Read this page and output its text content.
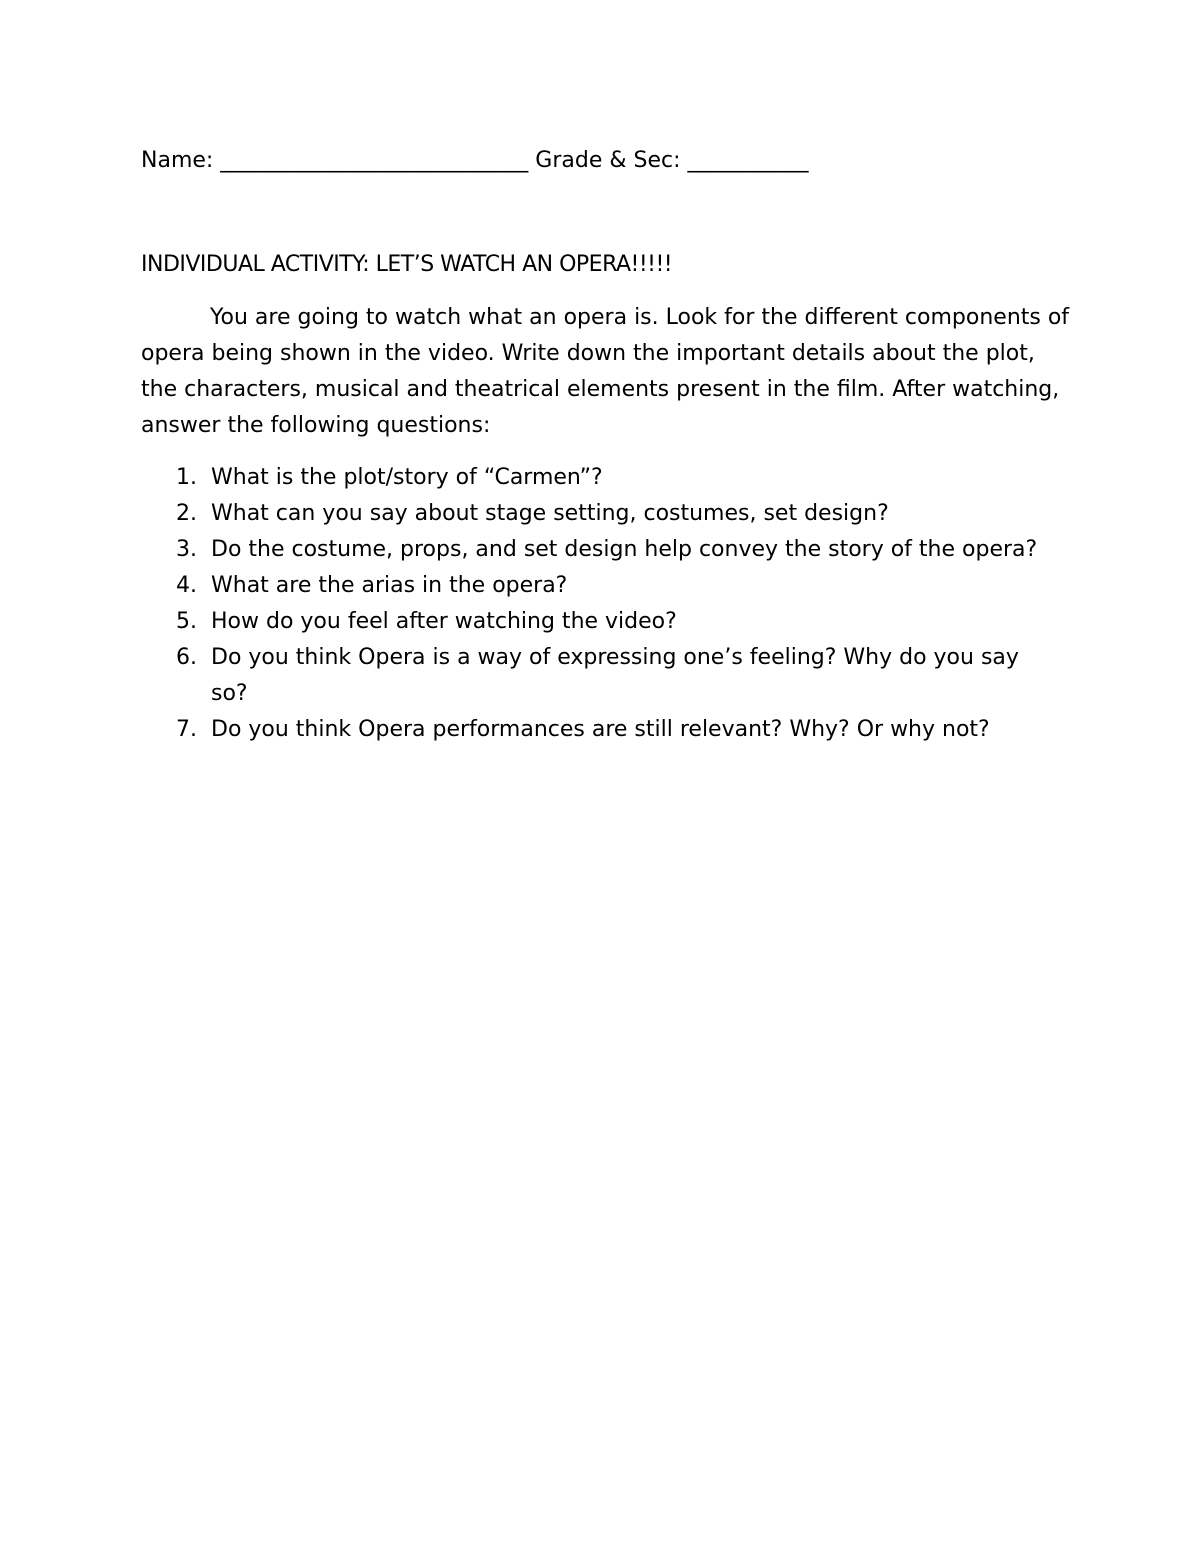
Name: ____________________________ Grade & Sec: ___________
INDIVIDUAL ACTIVITY: LET’S WATCH AN OPERA!!!!!

You are going to watch what an opera is. Look for the different components of opera being shown in the video. Write down the important details about the plot, the characters, musical and theatrical elements present in the film. After watching, answer the following questions:

1. What is the plot/story of “Carmen”?
2. What can you say about stage setting, costumes, set design?
3. Do the costume, props, and set design help convey the story of the opera?
4. What are the arias in the opera?
5. How do you feel after watching the video?
6. Do you think Opera is a way of expressing one’s feeling? Why do you say so?
7. Do you think Opera performances are still relevant? Why? Or why not?
